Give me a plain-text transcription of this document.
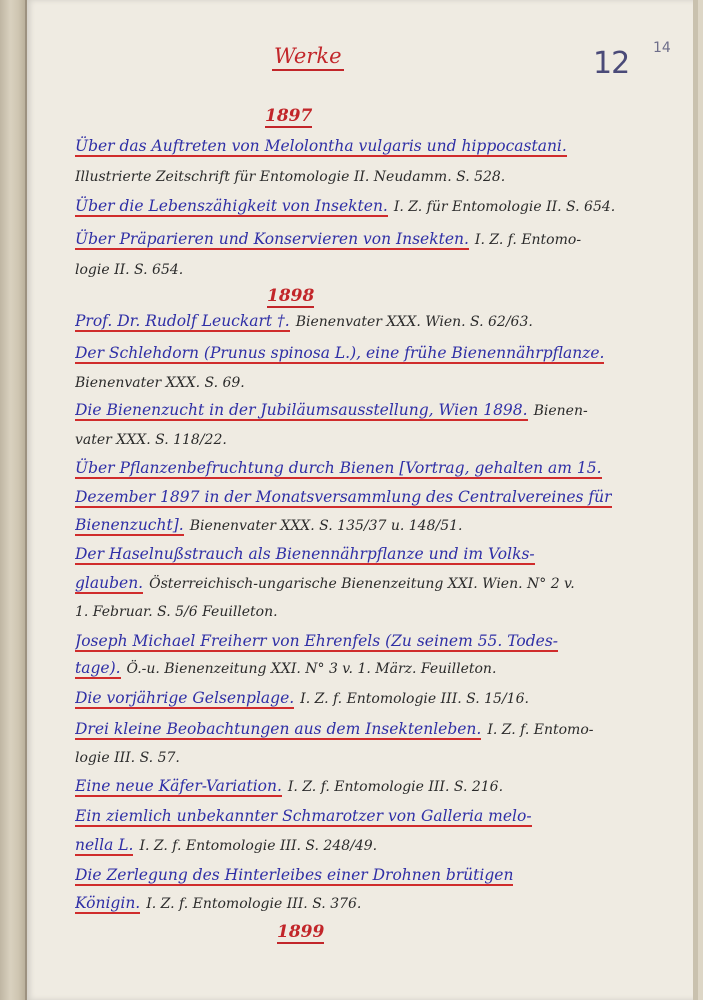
Werke	12 14
1897
1898
1899
Über das Auftreten von Melolontha vulgaris und hippocastani.
Illustrierte Zeitschrift für Entomologie II. Neudamm. S. 528.
Über die Lebenszähigkeit von Insekten. I. Z. für Entomologie II. S. 654.
Über Präparieren und Konservieren von Insekten. I. Z. f. Entomo-
logie II. S. 654.
Prof. Dr. Rudolf Leuckart †. Bienenvater XXX. Wien. S. 62/63.
Der Schlehdorn (Prunus spinosa L.), eine frühe Bienennährpflanze.
Bienenvater XXX. S. 69.
Die Bienenzucht in der Jubiläumsausstellung, Wien 1898. Bienen-
vater XXX. S. 118/22.
Über Pflanzenbefruchtung durch Bienen [Vortrag, gehalten am 15.
Dezember 1897 in der Monatsversammlung des Centralvereines für
Bienenzucht]. Bienenvater XXX. S. 135/37 u. 148/51.
Der Haselnußstrauch als Bienennährpflanze und im Volks-
glauben. Österreichisch-ungarische Bienenzeitung XXI. Wien. N° 2 v.
1. Februar. S. 5/6 Feuilleton.
Joseph Michael Freiherr von Ehrenfels (Zu seinem 55. Todes-
tage). Ö.-u. Bienenzeitung XXI. N° 3 v. 1. März. Feuilleton.
Die vorjährige Gelsenplage. I. Z. f. Entomologie III. S. 15/16.
Drei kleine Beobachtungen aus dem Insektenleben. I. Z. f. Entomo-
logie III. S. 57.
Eine neue Käfer-Variation. I. Z. f. Entomologie III. S. 216.
Ein ziemlich unbekannter Schmarotzer von Galleria melo-
nella L. I. Z. f. Entomologie III. S. 248/49.
Die Zerlegung des Hinterleibes einer Drohnen brütigen
Königin. I. Z. f. Entomologie III. S. 376.
